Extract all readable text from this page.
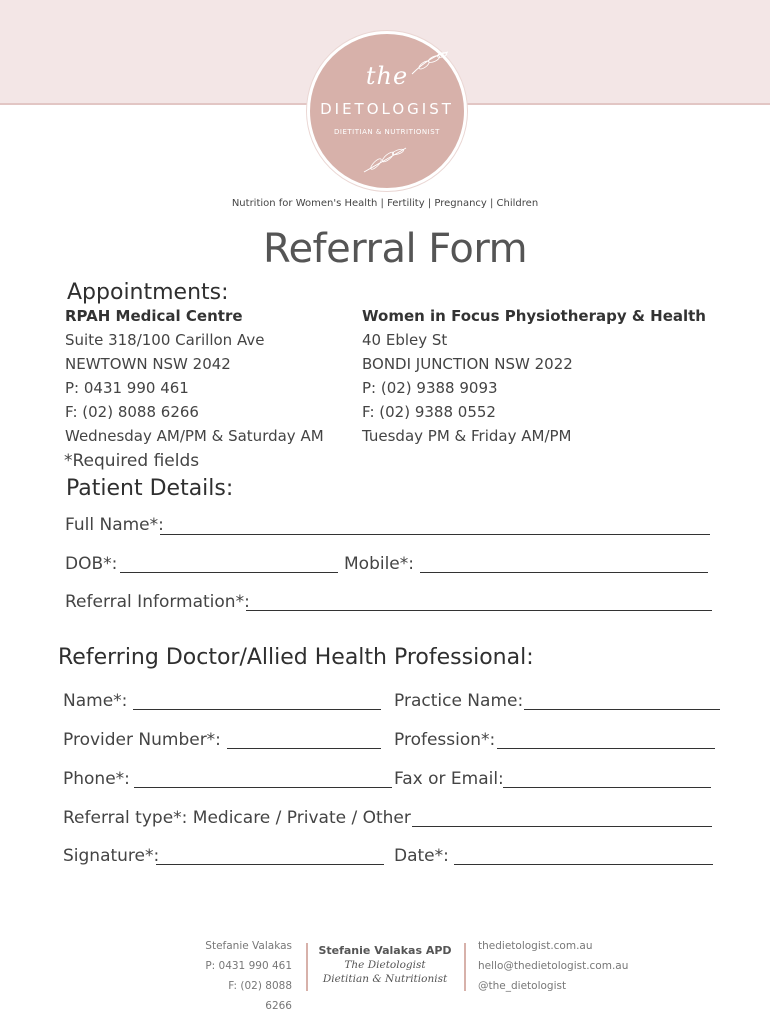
the
DIETOLOGIST
DIETITIAN & NUTRITIONIST
Nutrition for Women's Health | Fertility | Pregnancy | Children
Referral Form
Appointments:
RPAH Medical Centre
Suite 318/100 Carillon Ave
NEWTOWN NSW 2042
P: 0431 990 461
F: (02) 8088 6266
Wednesday AM/PM & Saturday AM
Women in Focus Physiotherapy & Health
40 Ebley St
BONDI JUNCTION NSW 2022
P: (02) 9388 9093
F: (02) 9388 0552
Tuesday PM & Friday AM/PM
*Required fields
Patient Details:
Full Name*:
DOB*:	Mobile*:
Referral Information*:
Referring Doctor/Allied Health Professional:
Name*:	Practice Name:
Provider Number*:	Profession*:
Phone*:	Fax or Email:
Referral type*: Medicare / Private / Other
Signature*:	Date*:
Stefanie Valakas
P: 0431 990 461
F: (02) 8088 6266
Stefanie Valakas APD
The Dietologist
Dietitian & Nutritionist
thedietologist.com.au
hello@thedietologist.com.au
@the_dietologist
